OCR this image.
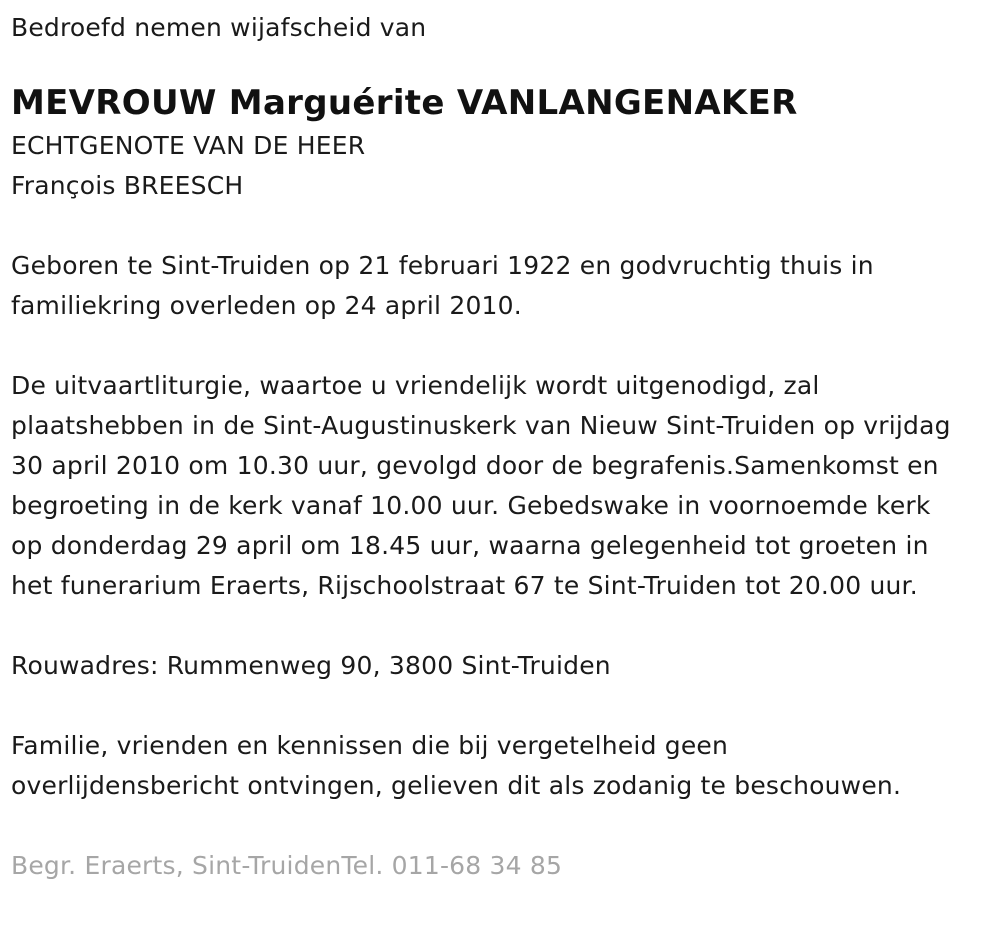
Bedroefd nemen wijafscheid van

MEVROUW Marguérite VANLANGENAKER

ECHTGENOTE VAN DE HEER

François BREESCH

Geboren te Sint-Truiden op 21 februari 1922 en godvruchtig thuis in familiekring overleden op 24 april 2010.

De uitvaartliturgie, waartoe u vriendelijk wordt uitgenodigd, zal plaatshebben in de Sint-Augustinuskerk van Nieuw Sint-Truiden op vrijdag 30 april 2010 om 10.30 uur, gevolgd door de begrafenis.Samenkomst en begroeting in de kerk vanaf 10.00 uur. Gebedswake in voornoemde kerk op donderdag 29 april om 18.45 uur, waarna gelegenheid tot groeten in het funerarium Eraerts, Rijschoolstraat 67 te Sint-Truiden tot 20.00 uur.

Rouwadres: Rummenweg 90, 3800 Sint-Truiden

Familie, vrienden en kennissen die bij vergetelheid geen overlijdensbericht ontvingen, gelieven dit als zodanig te beschouwen.

Begr. Eraerts, Sint-TruidenTel. 011-68 34 85
